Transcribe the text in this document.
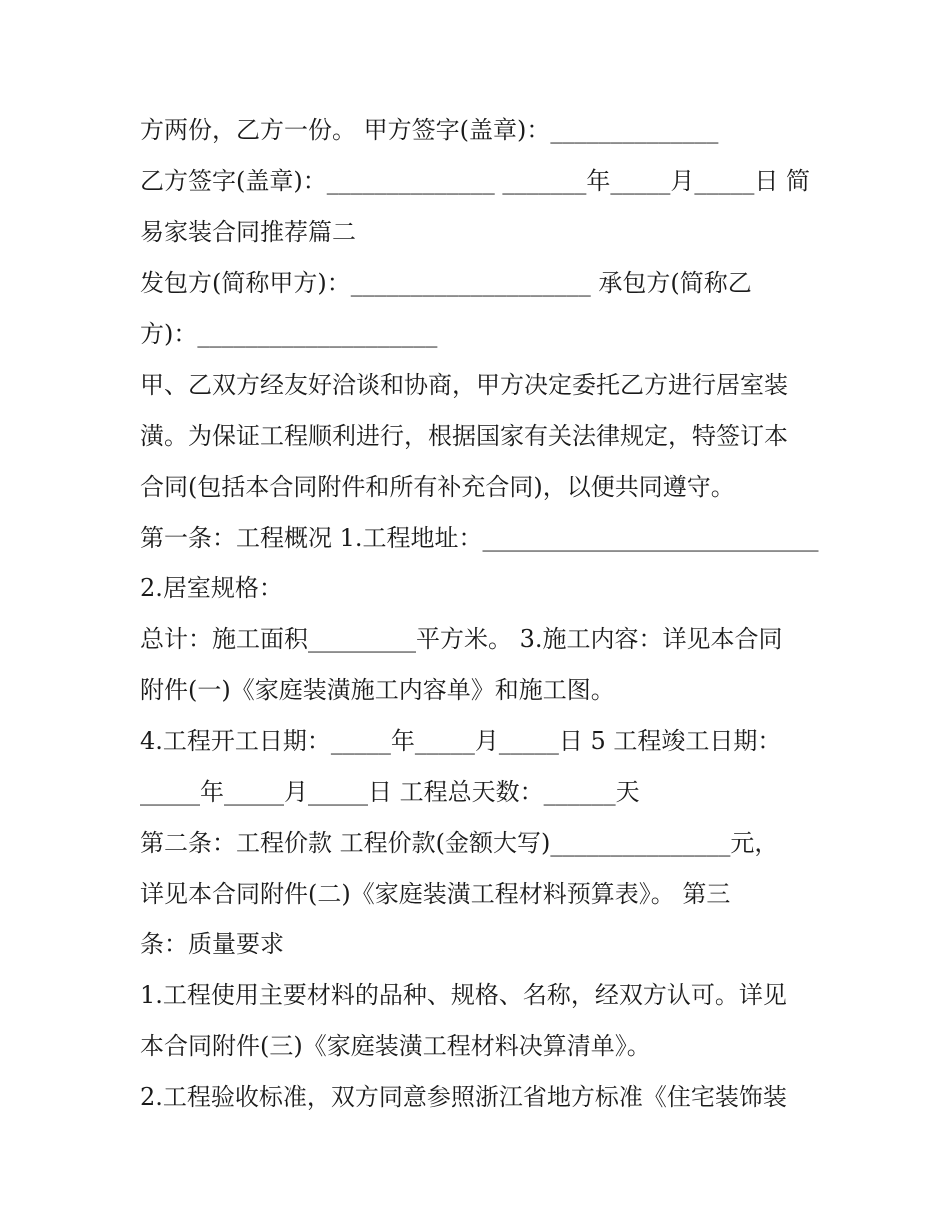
方两份，乙方一份。 甲方签字(盖章)：______________
乙方签字(盖章)：______________ _______年_____月_____日 简
易家装合同推荐篇二
发包方(简称甲方)：____________________ 承包方(简称乙
方)：____________________
甲、乙双方经友好洽谈和协商，甲方决定委托乙方进行居室装
潢。为保证工程顺利进行，根据国家有关法律规定，特签订本
合同(包括本合同附件和所有补充合同)，以便共同遵守。
第一条：工程概况 1.工程地址：____________________________
2.居室规格：
总计：施工面积_________平方米。 3.施工内容：详见本合同
附件(一)《家庭装潢施工内容单》和施工图。
4.工程开工日期：_____年_____月_____日 5 工程竣工日期：
_____年_____月_____日 工程总天数：______天
第二条：工程价款 工程价款(金额大写)_______________元，
详见本合同附件(二)《家庭装潢工程材料预算表》。 第三
条：质量要求
1.工程使用主要材料的品种、规格、名称，经双方认可。详见
本合同附件(三)《家庭装潢工程材料决算清单》。
2.工程验收标准，双方同意参照浙江省地方标准《住宅装饰装
